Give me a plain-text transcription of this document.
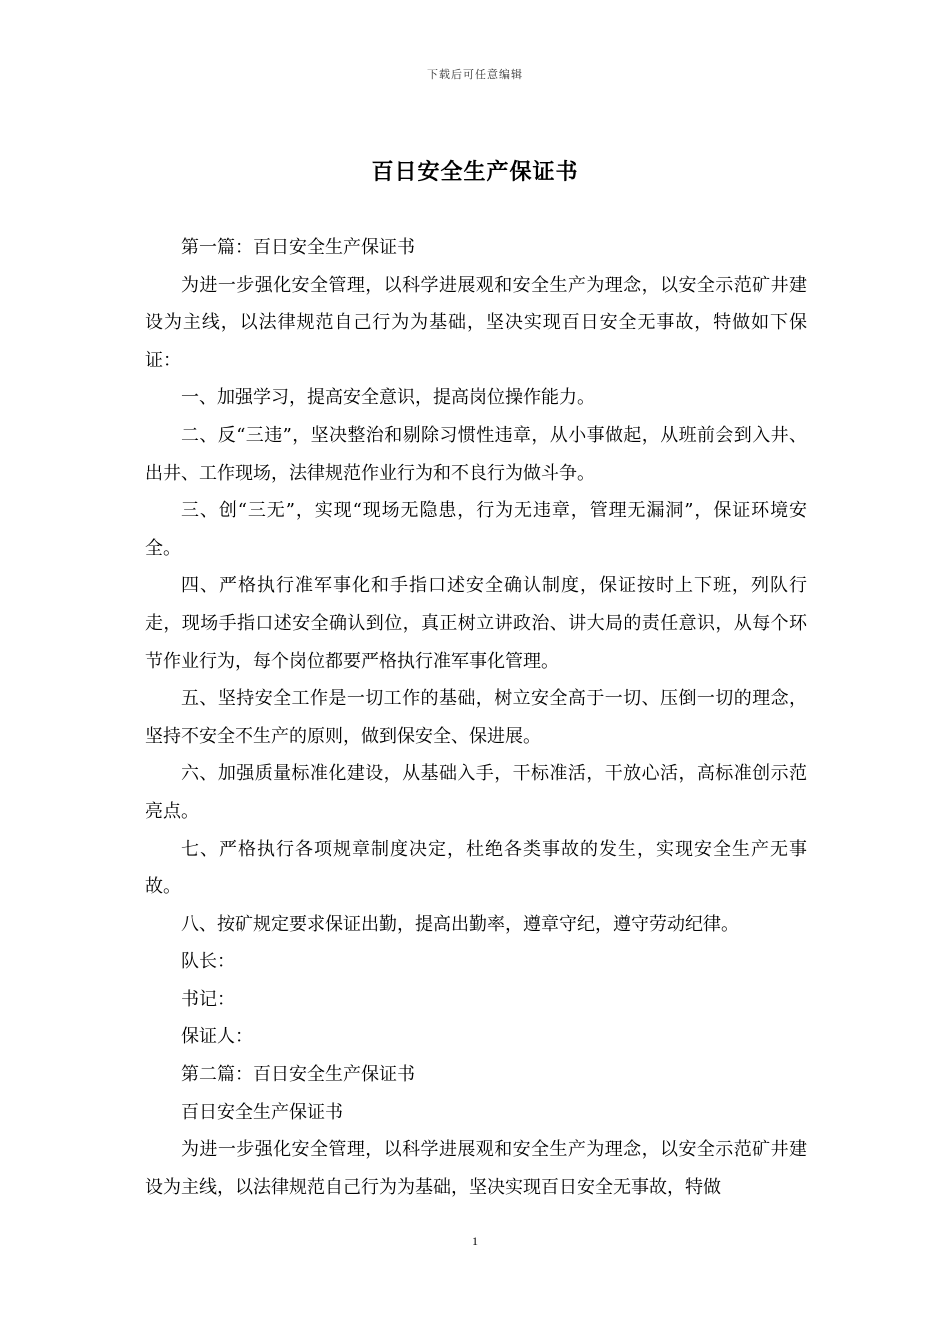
下载后可任意编辑
百日安全生产保证书

第一篇：百日安全生产保证书

为进一步强化安全管理，以科学进展观和安全生产为理念，以安全示范矿井建设为主线，以法律规范自己行为为基础，坚决实现百日安全无事故，特做如下保证：

一、加强学习，提高安全意识，提高岗位操作能力。

二、反“三违”，坚决整治和剔除习惯性违章，从小事做起，从班前会到入井、出井、工作现场，法律规范作业行为和不良行为做斗争。

三、创“三无”，实现“现场无隐患，行为无违章，管理无漏洞”，保证环境安全。

四、严格执行准军事化和手指口述安全确认制度，保证按时上下班，列队行走，现场手指口述安全确认到位，真正树立讲政治、讲大局的责任意识，从每个环节作业行为，每个岗位都要严格执行准军事化管理。

五、坚持安全工作是一切工作的基础，树立安全高于一切、压倒一切的理念，坚持不安全不生产的原则，做到保安全、保进展。

六、加强质量标准化建设，从基础入手，干标准活，干放心活，高标准创示范亮点。

七、严格执行各项规章制度决定，杜绝各类事故的发生，实现安全生产无事故。

八、按矿规定要求保证出勤，提高出勤率，遵章守纪，遵守劳动纪律。

队长：

书记：

保证人：

第二篇：百日安全生产保证书

百日安全生产保证书

为进一步强化安全管理，以科学进展观和安全生产为理念，以安全示范矿井建设为主线，以法律规范自己行为为基础，坚决实现百日安全无事故，特做

1
